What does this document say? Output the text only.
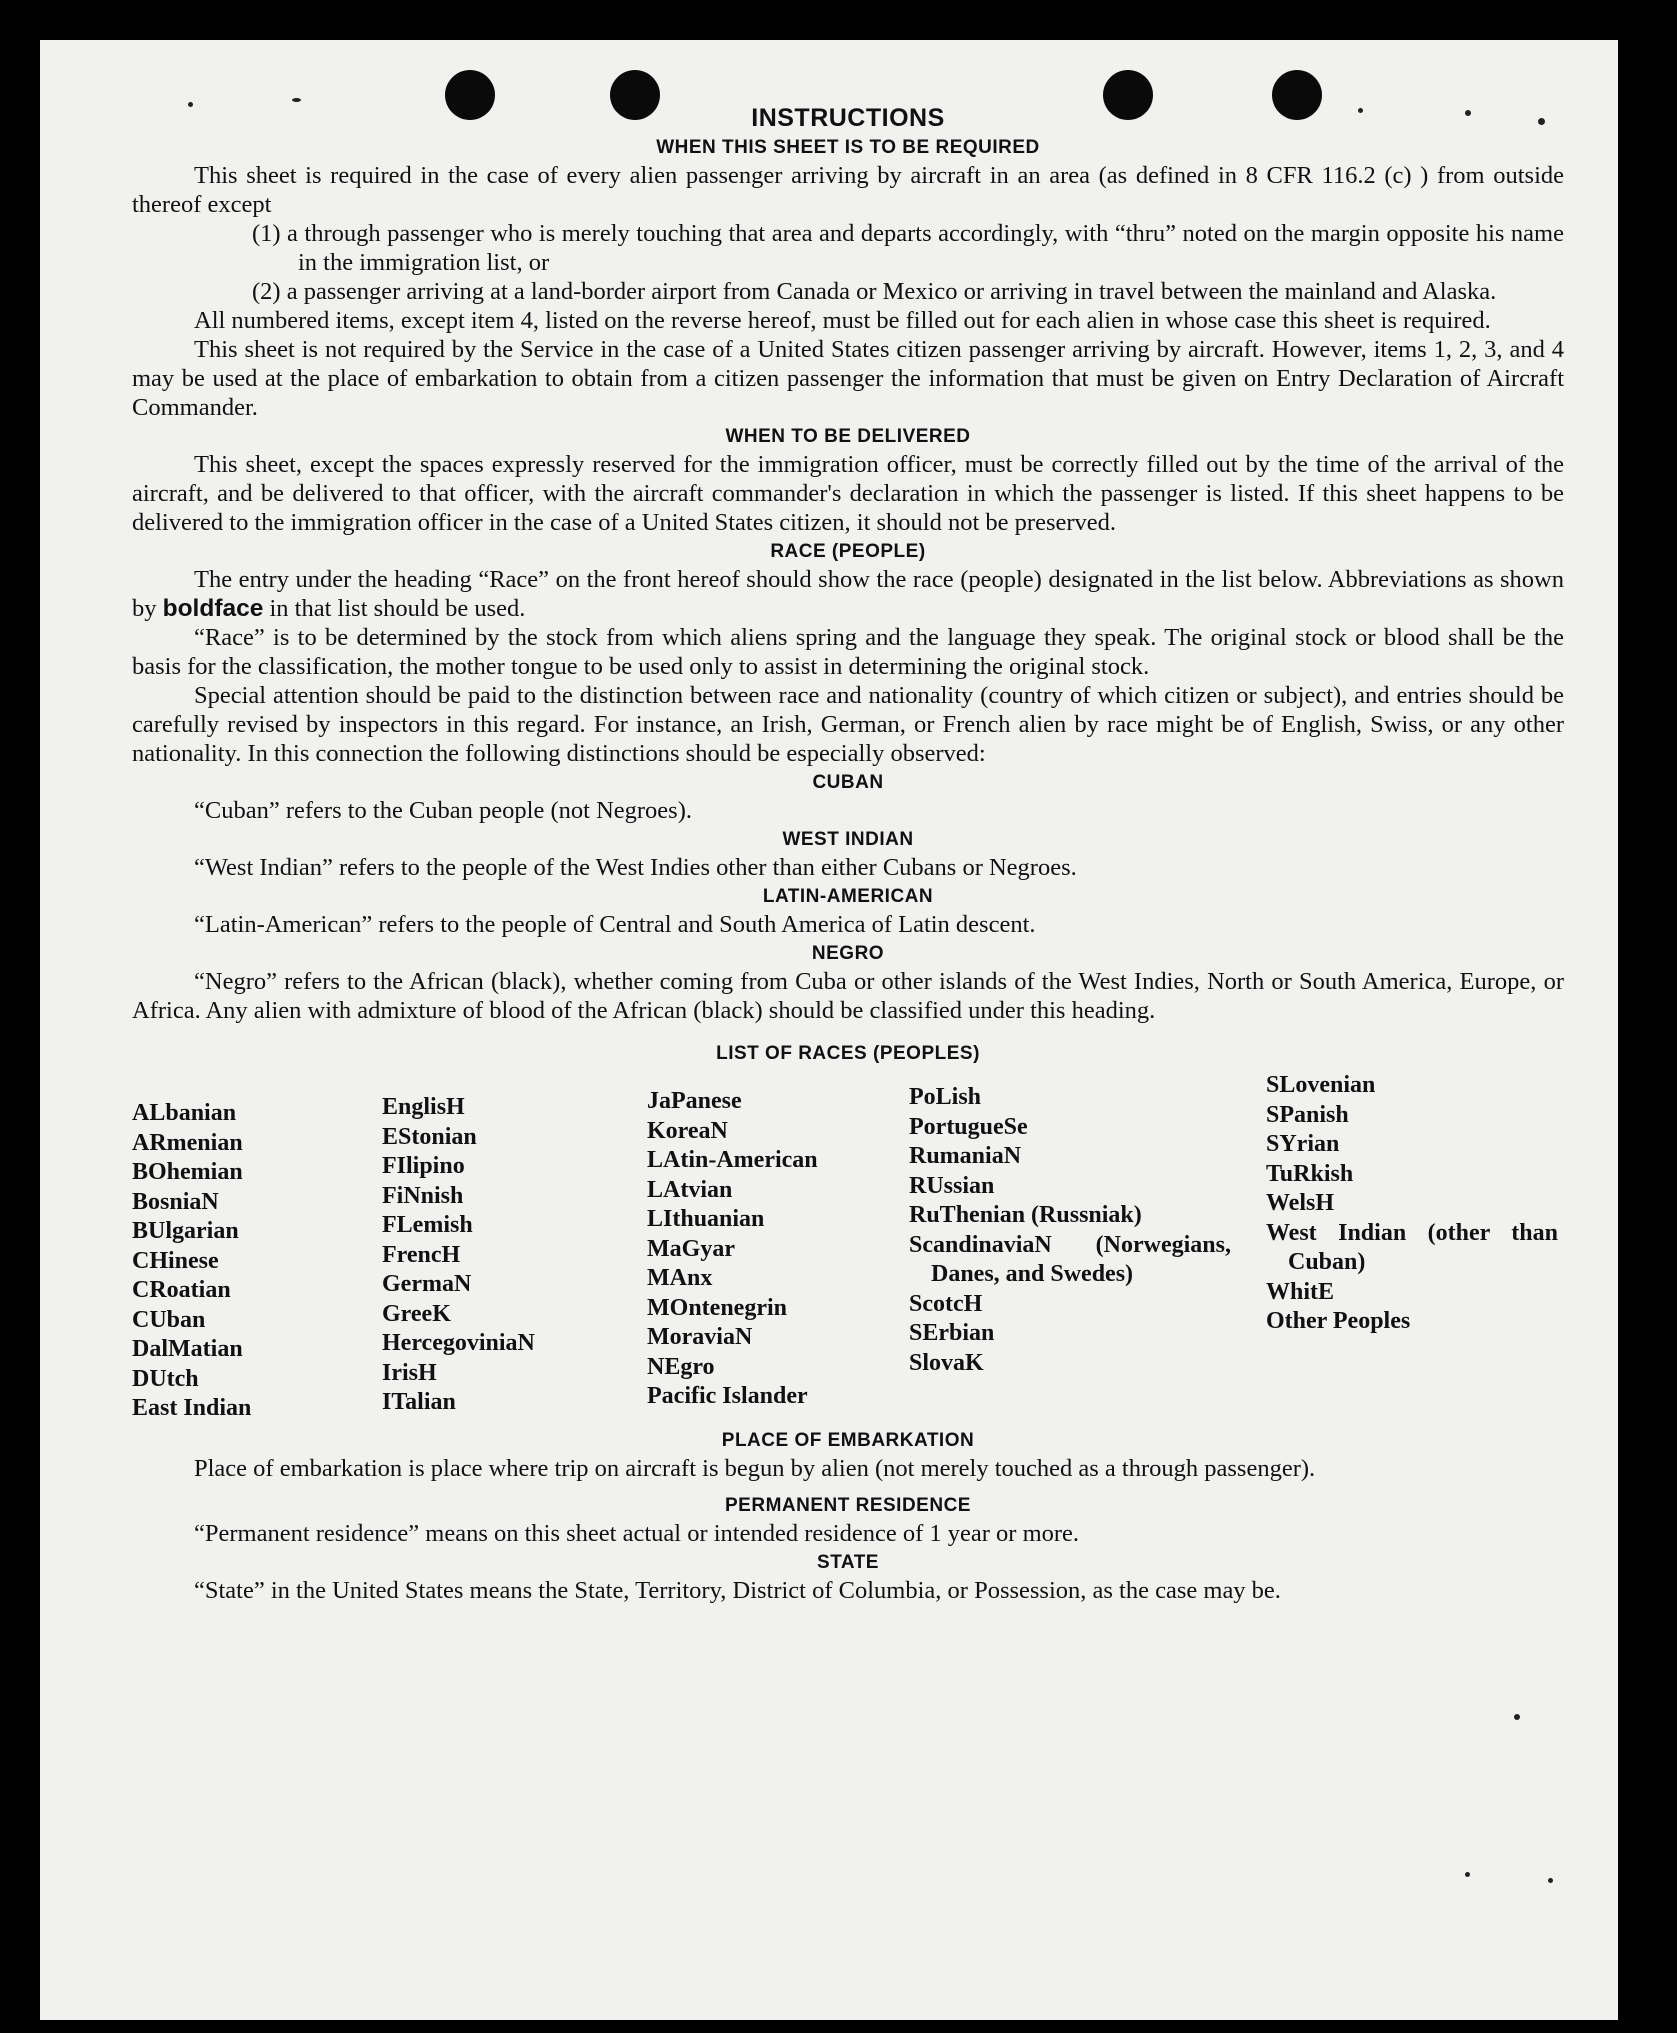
INSTRUCTIONS
WHEN THIS SHEET IS TO BE REQUIRED

This sheet is required in the case of every alien passenger arriving by aircraft in an area (as defined in 8 CFR 116.2 (c) ) from outside thereof except

(1) a through passenger who is merely touching that area and departs accordingly, with “thru” noted on the margin opposite his name in the immigration list, or

(2) a passenger arriving at a land-border airport from Canada or Mexico or arriving in travel between the mainland and Alaska.

All numbered items, except item 4, listed on the reverse hereof, must be filled out for each alien in whose case this sheet is required.

This sheet is not required by the Service in the case of a United States citizen passenger arriving by aircraft. However, items 1, 2, 3, and 4 may be used at the place of embarkation to obtain from a citizen passenger the information that must be given on Entry Declaration of Aircraft Commander.

WHEN TO BE DELIVERED

This sheet, except the spaces expressly reserved for the immigration officer, must be correctly filled out by the time of the arrival of the aircraft, and be delivered to that officer, with the aircraft commander's declaration in which the passenger is listed. If this sheet happens to be delivered to the immigration officer in the case of a United States citizen, it should not be preserved.

RACE (PEOPLE)

The entry under the heading “Race” on the front hereof should show the race (people) designated in the list below. Abbreviations as shown by boldface in that list should be used.

“Race” is to be determined by the stock from which aliens spring and the language they speak. The original stock or blood shall be the basis for the classification, the mother tongue to be used only to assist in determining the original stock.

Special attention should be paid to the distinction between race and nationality (country of which citizen or subject), and entries should be carefully revised by inspectors in this regard. For instance, an Irish, German, or French alien by race might be of English, Swiss, or any other nationality. In this connection the following distinctions should be especially observed:

CUBAN

“Cuban” refers to the Cuban people (not Negroes).

WEST INDIAN

“West Indian” refers to the people of the West Indies other than either Cubans or Negroes.

LATIN-AMERICAN

“Latin-American” refers to the people of Central and South America of Latin descent.

NEGRO

“Negro” refers to the African (black), whether coming from Cuba or other islands of the West Indies, North or South America, Europe, or Africa. Any alien with admixture of blood of the African (black) should be classified under this heading.

LIST OF RACES (PEOPLES)
ALbanian
ARmenian
BOhemian
BosniaN
BUlgarian
CHinese
CRoatian
CUban
DalMatian
DUtch
East Indian
EnglisH
EStonian
FIlipino
FiNnish
FLemish
FrencH
GermaN
GreeK
HercegoviniaN
IrisH
ITalian
JaPanese
KoreaN
LAtin-American
LAtvian
LIthuanian
MaGyar
MAnx
MOntenegrin
MoraviaN
NEgro
Pacific Islander
PoLish
PortugueSe
RumaniaN
RUssian
RuThenian (Russniak)
ScandinaviaN (Norwegians, Danes, and Swedes)
ScotcH
SErbian
SlovaK
SLovenian
SPanish
SYrian
TuRkish
WelsH
West Indian (other than Cuban)
WhitE
Other Peoples
PLACE OF EMBARKATION

Place of embarkation is place where trip on aircraft is begun by alien (not merely touched as a through passenger).

PERMANENT RESIDENCE

“Permanent residence” means on this sheet actual or intended residence of 1 year or more.

STATE

“State” in the United States means the State, Territory, District of Columbia, or Possession, as the case may be.
